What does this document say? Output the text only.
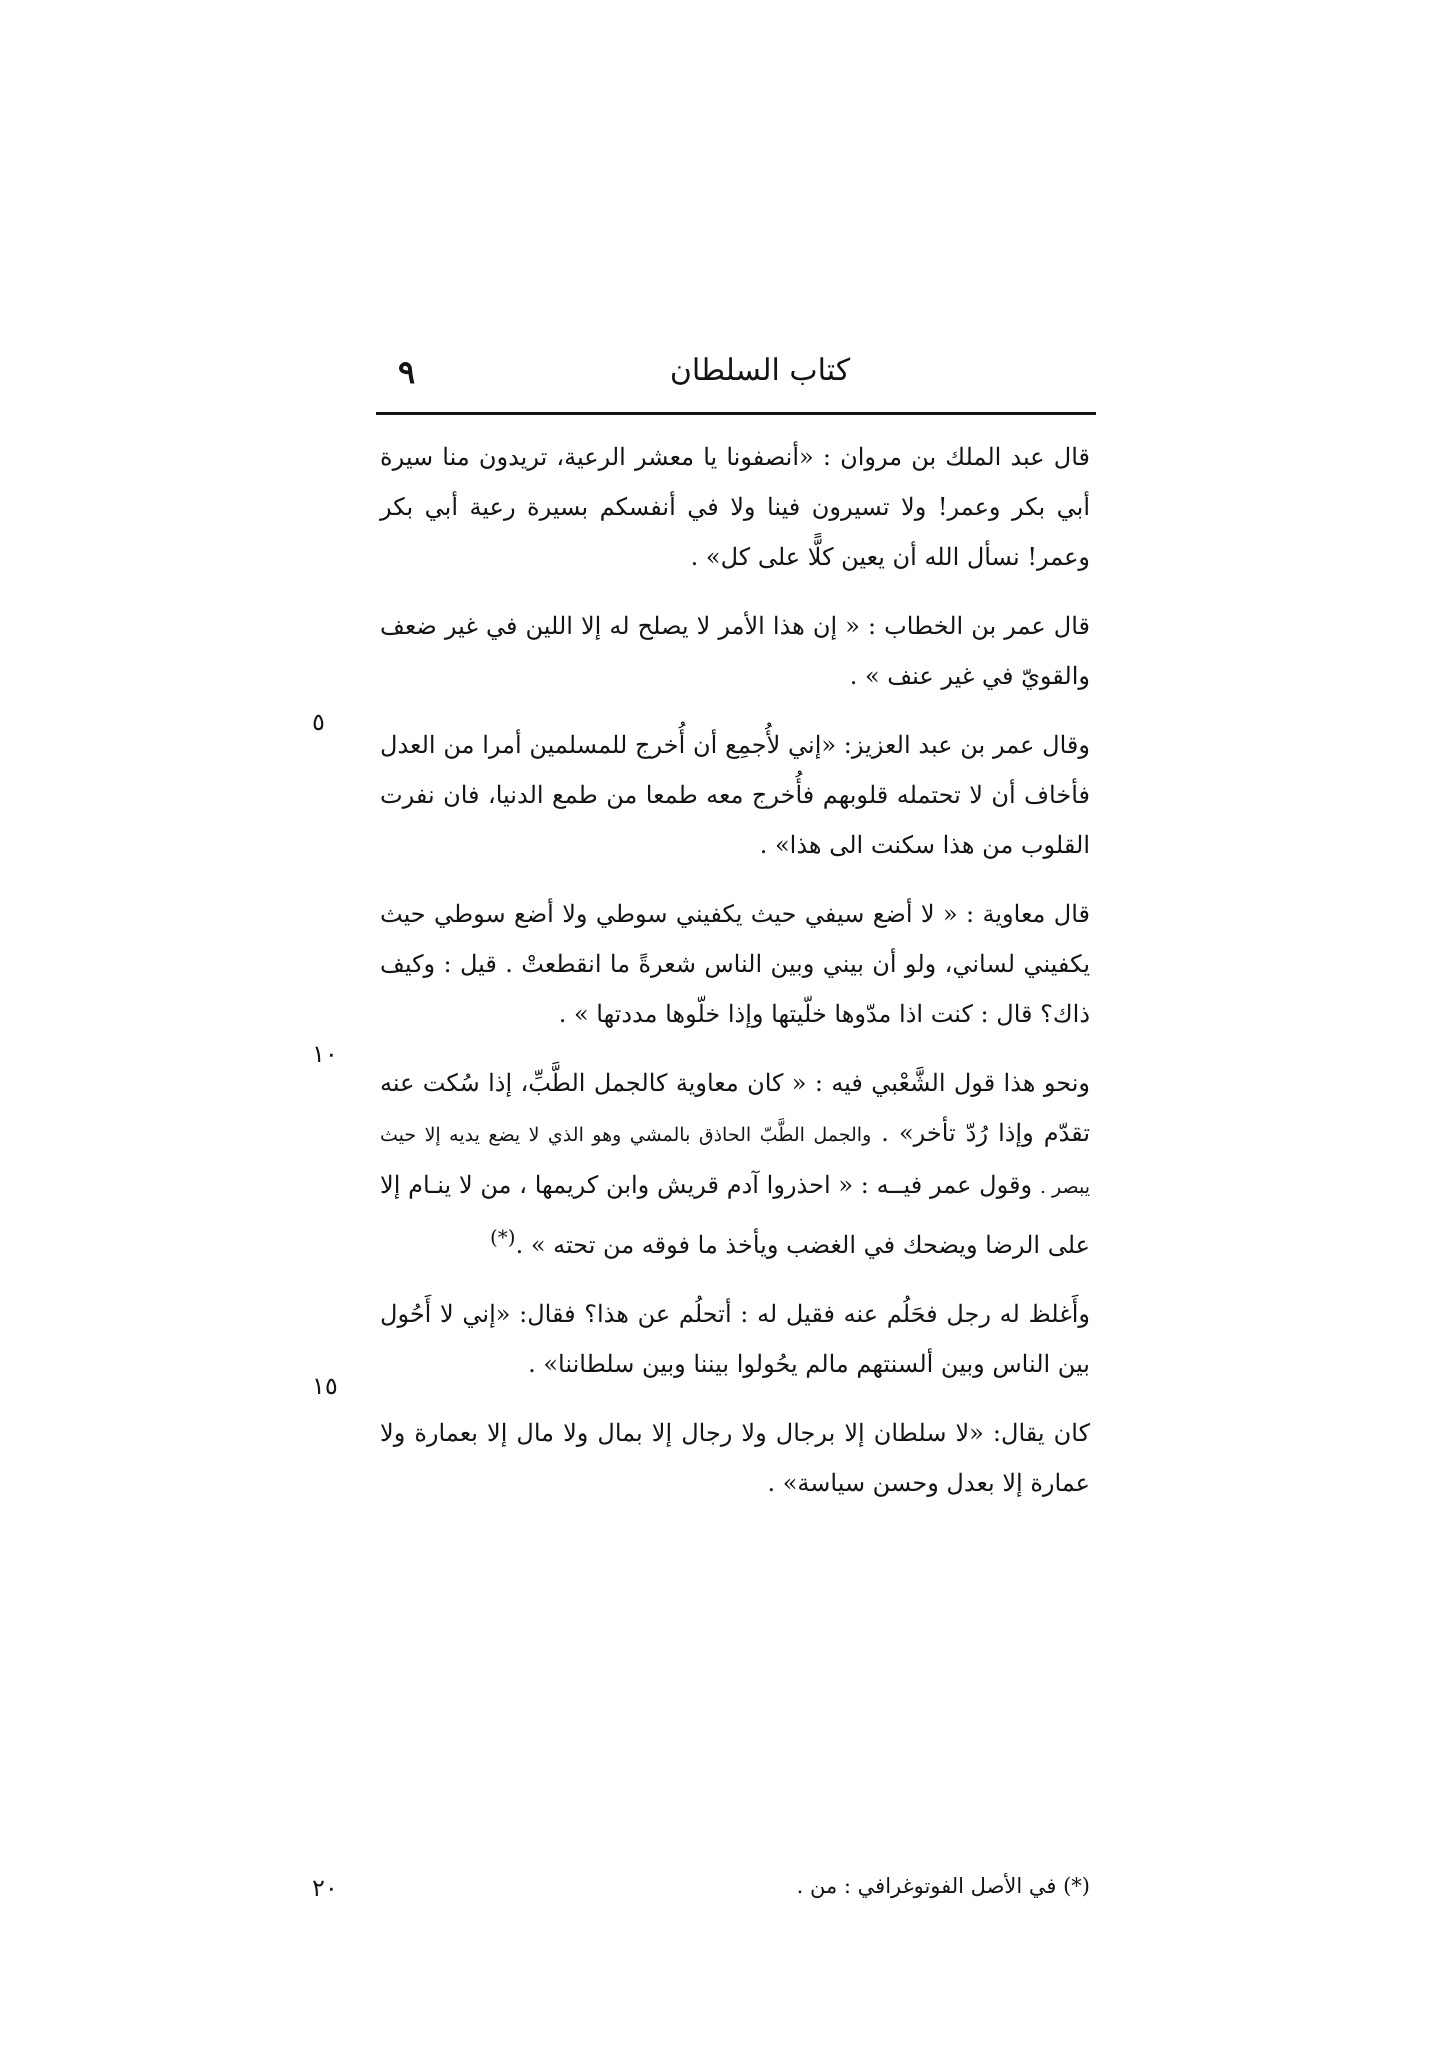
كتاب السلطان
٩

قال عبد الملك بن مروان : «أنصفونا يا معشر الرعية، تريدون منا سيرة أبي بكر وعمر! ولا تسيرون فينا ولا في أنفسكم بسيرة رعية أبي بكر وعمر! نسأل الله أن يعين كلًّا على كل» .

قال عمر بن الخطاب : « إن هذا الأمر لا يصلح له إلا اللين في غير ضعف والقويّ في غير عنف » .

وقال عمر بن عبد العزيز: «إني لأُجمِع أن أُخرج للمسلمين أمرا من العدل فأخاف أن لا تحتمله قلوبهم فأُخرج معه طمعا من طمع الدنيا، فان نفرت القلوب من هذا سكنت الى هذا» .

قال معاوية : « لا أضع سيفي حيث يكفيني سوطي ولا أضع سوطي حيث يكفيني لساني، ولو أن بيني وبين الناس شعرةً ما انقطعتْ . قيل : وكيف ذاك؟ قال : كنت اذا مدّوها خلّيتها وإذا خلّوها مددتها » .

ونحو هذا قول الشَّعْبي فيه : « كان معاوية كالجمل الطَّبِّ، إذا سُكت عنه تقدّم وإذا رُدّ تأخر» . والجمل الطَّبّ الحاذق بالمشي وهو الذي لا يضع يديه إلا حيث يبصر . وقول عمر فيــه : « احذروا آدم قريش وابن كريمها ، من لا ينـام إلا على الرضا ويضحك في الغضب ويأخذ ما فوقه من تحته » .(*)

وأَغلظ له رجل فحَلُم عنه فقيل له : أتحلُم عن هذا؟ فقال: «إني لا أَحُول بين الناس وبين ألسنتهم مالم يحُولوا بيننا وبين سلطاننا» .

كان يقال: «لا سلطان إلا برجال ولا رجال إلا بمال ولا مال إلا بعمارة ولا عمارة إلا بعدل وحسن سياسة» .

٥
١٠
١٥
٢٠	(*) في الأصل الفوتوغرافي : من .
